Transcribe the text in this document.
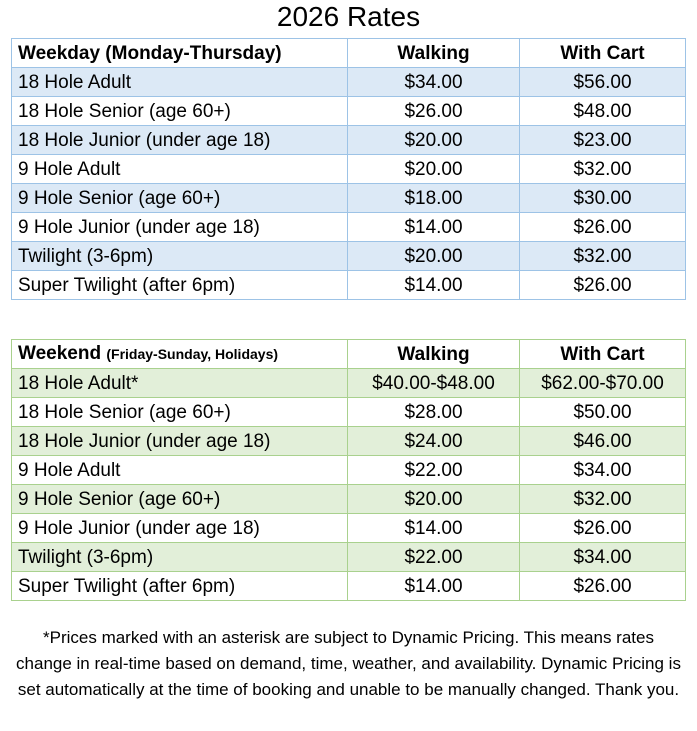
2026 Rates
Weekday (Monday-Thursday)	Walking	With Cart
18 Hole Adult	$34.00	$56.00
18 Hole Senior (age 60+)	$26.00	$48.00
18 Hole Junior (under age 18)	$20.00	$23.00
9 Hole Adult	$20.00	$32.00
9 Hole Senior (age 60+)	$18.00	$30.00
9 Hole Junior (under age 18)	$14.00	$26.00
Twilight (3-6pm)	$20.00	$32.00
Super Twilight (after 6pm)	$14.00	$26.00
Weekend (Friday-Sunday, Holidays)	Walking	With Cart
18 Hole Adult*	$40.00-$48.00	$62.00-$70.00
18 Hole Senior (age 60+)	$28.00	$50.00
18 Hole Junior (under age 18)	$24.00	$46.00
9 Hole Adult	$22.00	$34.00
9 Hole Senior (age 60+)	$20.00	$32.00
9 Hole Junior (under age 18)	$14.00	$26.00
Twilight (3-6pm)	$22.00	$34.00
Super Twilight (after 6pm)	$14.00	$26.00
*Prices marked with an asterisk are subject to Dynamic Pricing. This means rates change in real-time based on demand, time, weather, and availability. Dynamic Pricing is set automatically at the time of booking and unable to be manually changed. Thank you.
